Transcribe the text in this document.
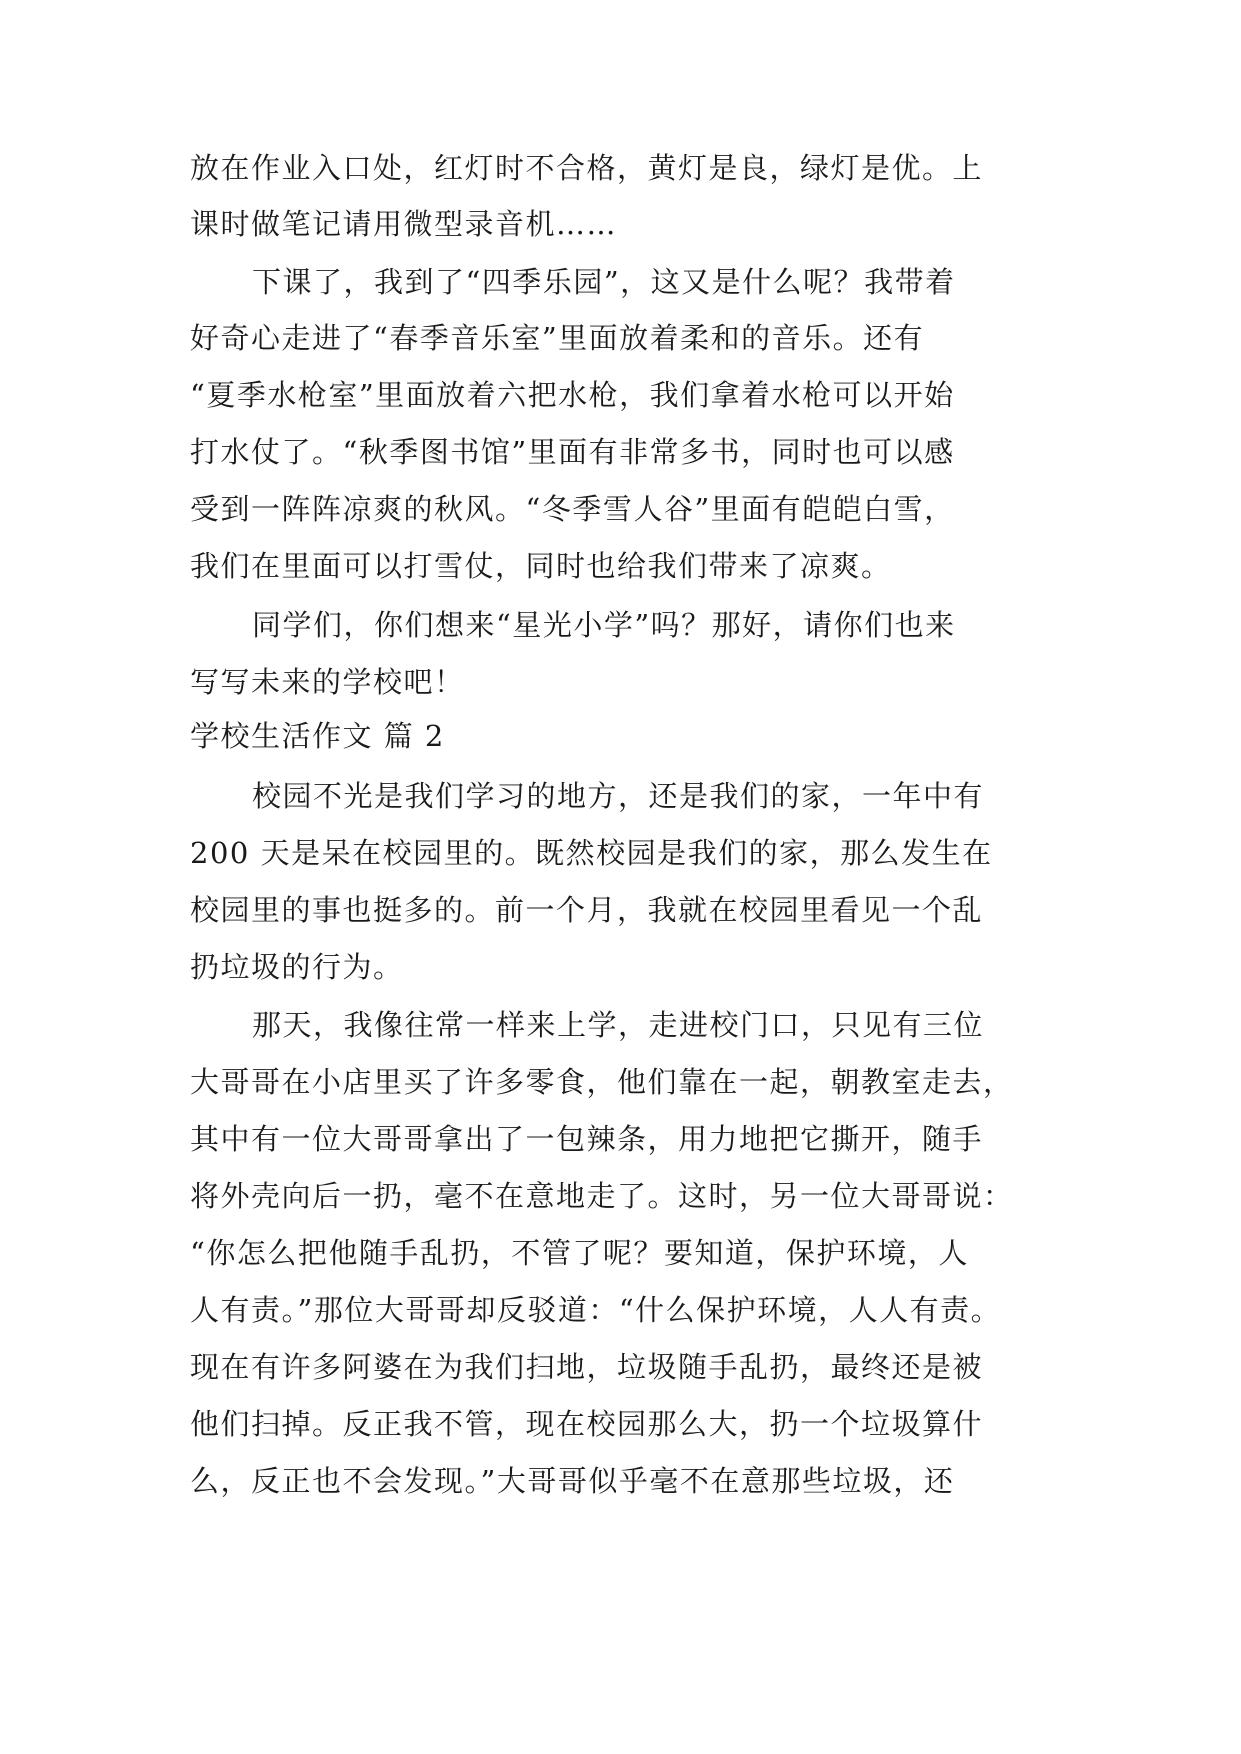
放在作业入口处，红灯时不合格，黄灯是良，绿灯是优。上
课时做笔记请用微型录音机……
下课了，我到了“四季乐园”，这又是什么呢？我带着
好奇心走进了“春季音乐室”里面放着柔和的音乐。还有
“夏季水枪室”里面放着六把水枪，我们拿着水枪可以开始
打水仗了。“秋季图书馆”里面有非常多书，同时也可以感
受到一阵阵凉爽的秋风。“冬季雪人谷”里面有皑皑白雪，
我们在里面可以打雪仗，同时也给我们带来了凉爽。
同学们，你们想来“星光小学”吗？那好，请你们也来
写写未来的学校吧！
学校生活作文 篇 2
校园不光是我们学习的地方，还是我们的家，一年中有
200 天是呆在校园里的。既然校园是我们的家，那么发生在
校园里的事也挺多的。前一个月，我就在校园里看见一个乱
扔垃圾的行为。
那天，我像往常一样来上学，走进校门口，只见有三位
大哥哥在小店里买了许多零食，他们靠在一起，朝教室走去，
其中有一位大哥哥拿出了一包辣条，用力地把它撕开，随手
将外壳向后一扔，毫不在意地走了。这时，另一位大哥哥说：
“你怎么把他随手乱扔，不管了呢？要知道，保护环境，人
人有责。”那位大哥哥却反驳道：“什么保护环境，人人有责。
现在有许多阿婆在为我们扫地，垃圾随手乱扔，最终还是被
他们扫掉。反正我不管，现在校园那么大，扔一个垃圾算什
么，反正也不会发现。”大哥哥似乎毫不在意那些垃圾，还
